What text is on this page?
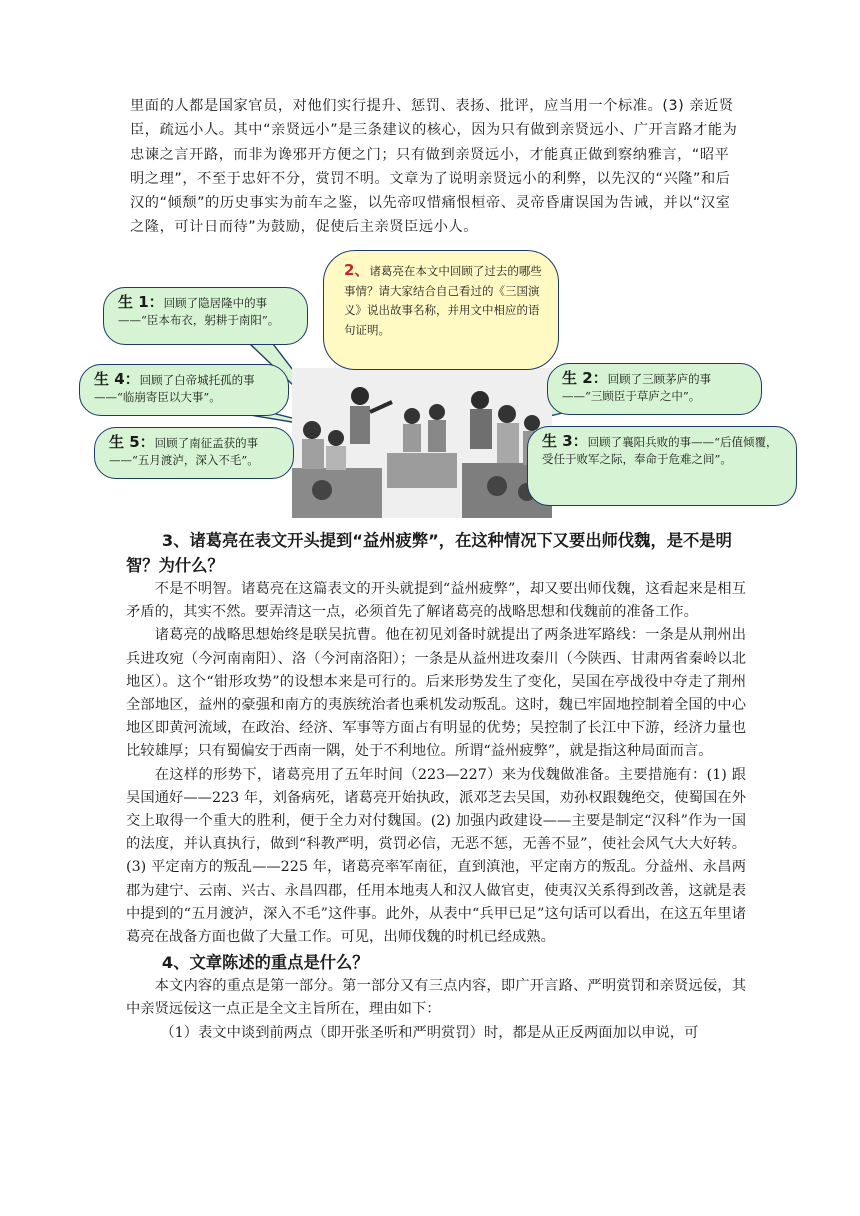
里面的人都是国家官员，对他们实行提升、惩罚、表扬、批评，应当用一个标准。(3) 亲近贤臣，疏远小人。其中“亲贤远小”是三条建议的核心，因为只有做到亲贤远小、广开言路才能为忠谏之言开路，而非为谗邪开方便之门；只有做到亲贤远小，才能真正做到察纳雅言，“昭平明之理”，不至于忠奸不分，赏罚不明。文章为了说明亲贤远小的利弊，以先汉的“兴隆”和后汉的“倾颓”的历史事实为前车之鉴，以先帝叹惜痛恨桓帝、灵帝昏庸误国为告诫，并以“汉室之隆，可计日而待”为鼓励，促使后主亲贤臣远小人。

2、诸葛亮在本文中回顾了过去的哪些事情？请大家结合自己看过的《三国演义》说出故事名称，并用文中相应的语句证明。
生 1：回顾了隐居隆中的事——“臣本布衣，躬耕于南阳”。
生 4：回顾了白帝城托孤的事——“临崩寄臣以大事”。
生 5：回顾了南征孟获的事——“五月渡泸，深入不毛”。
生 2：回顾了三顾茅庐的事——“三顾臣于草庐之中”。
生 3：回顾了襄阳兵败的事——“后值倾覆，受任于败军之际，奉命于危难之间”。
3、诸葛亮在表文开头提到“益州疲弊”，在这种情况下又要出师伐魏，是不是明智？为什么？

不是不明智。诸葛亮在这篇表文的开头就提到“益州疲弊”，却又要出师伐魏，这看起来是相互矛盾的，其实不然。要弄清这一点，必须首先了解诸葛亮的战略思想和伐魏前的准备工作。

诸葛亮的战略思想始终是联吴抗曹。他在初见刘备时就提出了两条进军路线：一条是从荆州出兵进攻宛（今河南南阳）、洛（今河南洛阳）；一条是从益州进攻秦川（今陕西、甘肃两省秦岭以北地区）。这个“钳形攻势”的设想本来是可行的。后来形势发生了变化，吴国在亭战役中夺走了荆州全部地区，益州的豪强和南方的夷族统治者也乘机发动叛乱。这时，魏已牢固地控制着全国的中心地区即黄河流域，在政治、经济、军事等方面占有明显的优势；吴控制了长江中下游，经济力量也比较雄厚；只有蜀偏安于西南一隅，处于不利地位。所谓“益州疲弊”，就是指这种局面而言。

在这样的形势下，诸葛亮用了五年时间（223—227）来为伐魏做准备。主要措施有：(1) 跟吴国通好——223 年，刘备病死，诸葛亮开始执政，派邓芝去吴国，劝孙权跟魏绝交，使蜀国在外交上取得一个重大的胜利，便于全力对付魏国。(2) 加强内政建设——主要是制定“汉科”作为一国的法度，并认真执行，做到“科教严明，赏罚必信，无恶不惩，无善不显”，使社会风气大大好转。(3) 平定南方的叛乱——225 年，诸葛亮率军南征，直到滇池，平定南方的叛乱。分益州、永昌两郡为建宁、云南、兴古、永昌四郡，任用本地夷人和汉人做官吏，使夷汉关系得到改善，这就是表中提到的“五月渡泸，深入不毛”这件事。此外，从表中“兵甲已足”这句话可以看出，在这五年里诸葛亮在战备方面也做了大量工作。可见，出师伐魏的时机已经成熟。

4、文章陈述的重点是什么？

本文内容的重点是第一部分。第一部分又有三点内容，即广开言路、严明赏罚和亲贤远佞，其中亲贤远佞这一点正是全文主旨所在，理由如下：

（1）表文中谈到前两点（即开张圣听和严明赏罚）时，都是从正反两面加以申说，可
